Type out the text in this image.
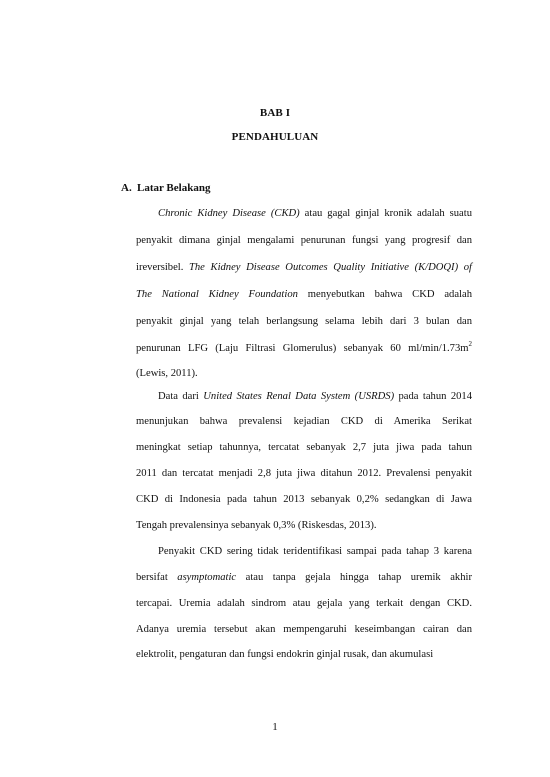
BAB I
PENDAHULUAN
A. Latar Belakang
Chronic Kidney Disease (CKD) atau gagal ginjal kronik adalah suatu
penyakit dimana ginjal mengalami penurunan fungsi yang progresif dan
ireversibel. The Kidney Disease Outcomes Quality Initiative (K/DOQI) of
The National Kidney Foundation menyebutkan bahwa CKD adalah
penyakit ginjal yang telah berlangsung selama lebih dari 3 bulan dan
penurunan LFG (Laju Filtrasi Glomerulus) sebanyak 60 $ml/\min/1.73m^2$
(Lewis, 2011).
Data dari United States Renal Data System (USRDS) pada tahun 2014
menunjukan bahwa prevalensi kejadian CKD di Amerika Serikat
meningkat setiap tahunnya, tercatat sebanyak 2,7 juta jiwa pada tahun
2011 dan tercatat menjadi 2,8 juta jiwa ditahun 2012. Prevalensi penyakit
CKD di Indonesia pada tahun 2013 sebanyak 0,2% sedangkan di Jawa
Tengah prevalensinya sebanyak 0,3% (Riskesdas, 2013).
Penyakit CKD sering tidak teridentifikasi sampai pada tahap 3 karena
bersifat asymptomatic atau tanpa gejala hingga tahap uremik akhir
tercapai. Uremia adalah sindrom atau gejala yang terkait dengan CKD.
Adanya uremia tersebut akan mempengaruhi keseimbangan cairan dan
elektrolit, pengaturan dan fungsi endokrin ginjal rusak, dan akumulasi
1
